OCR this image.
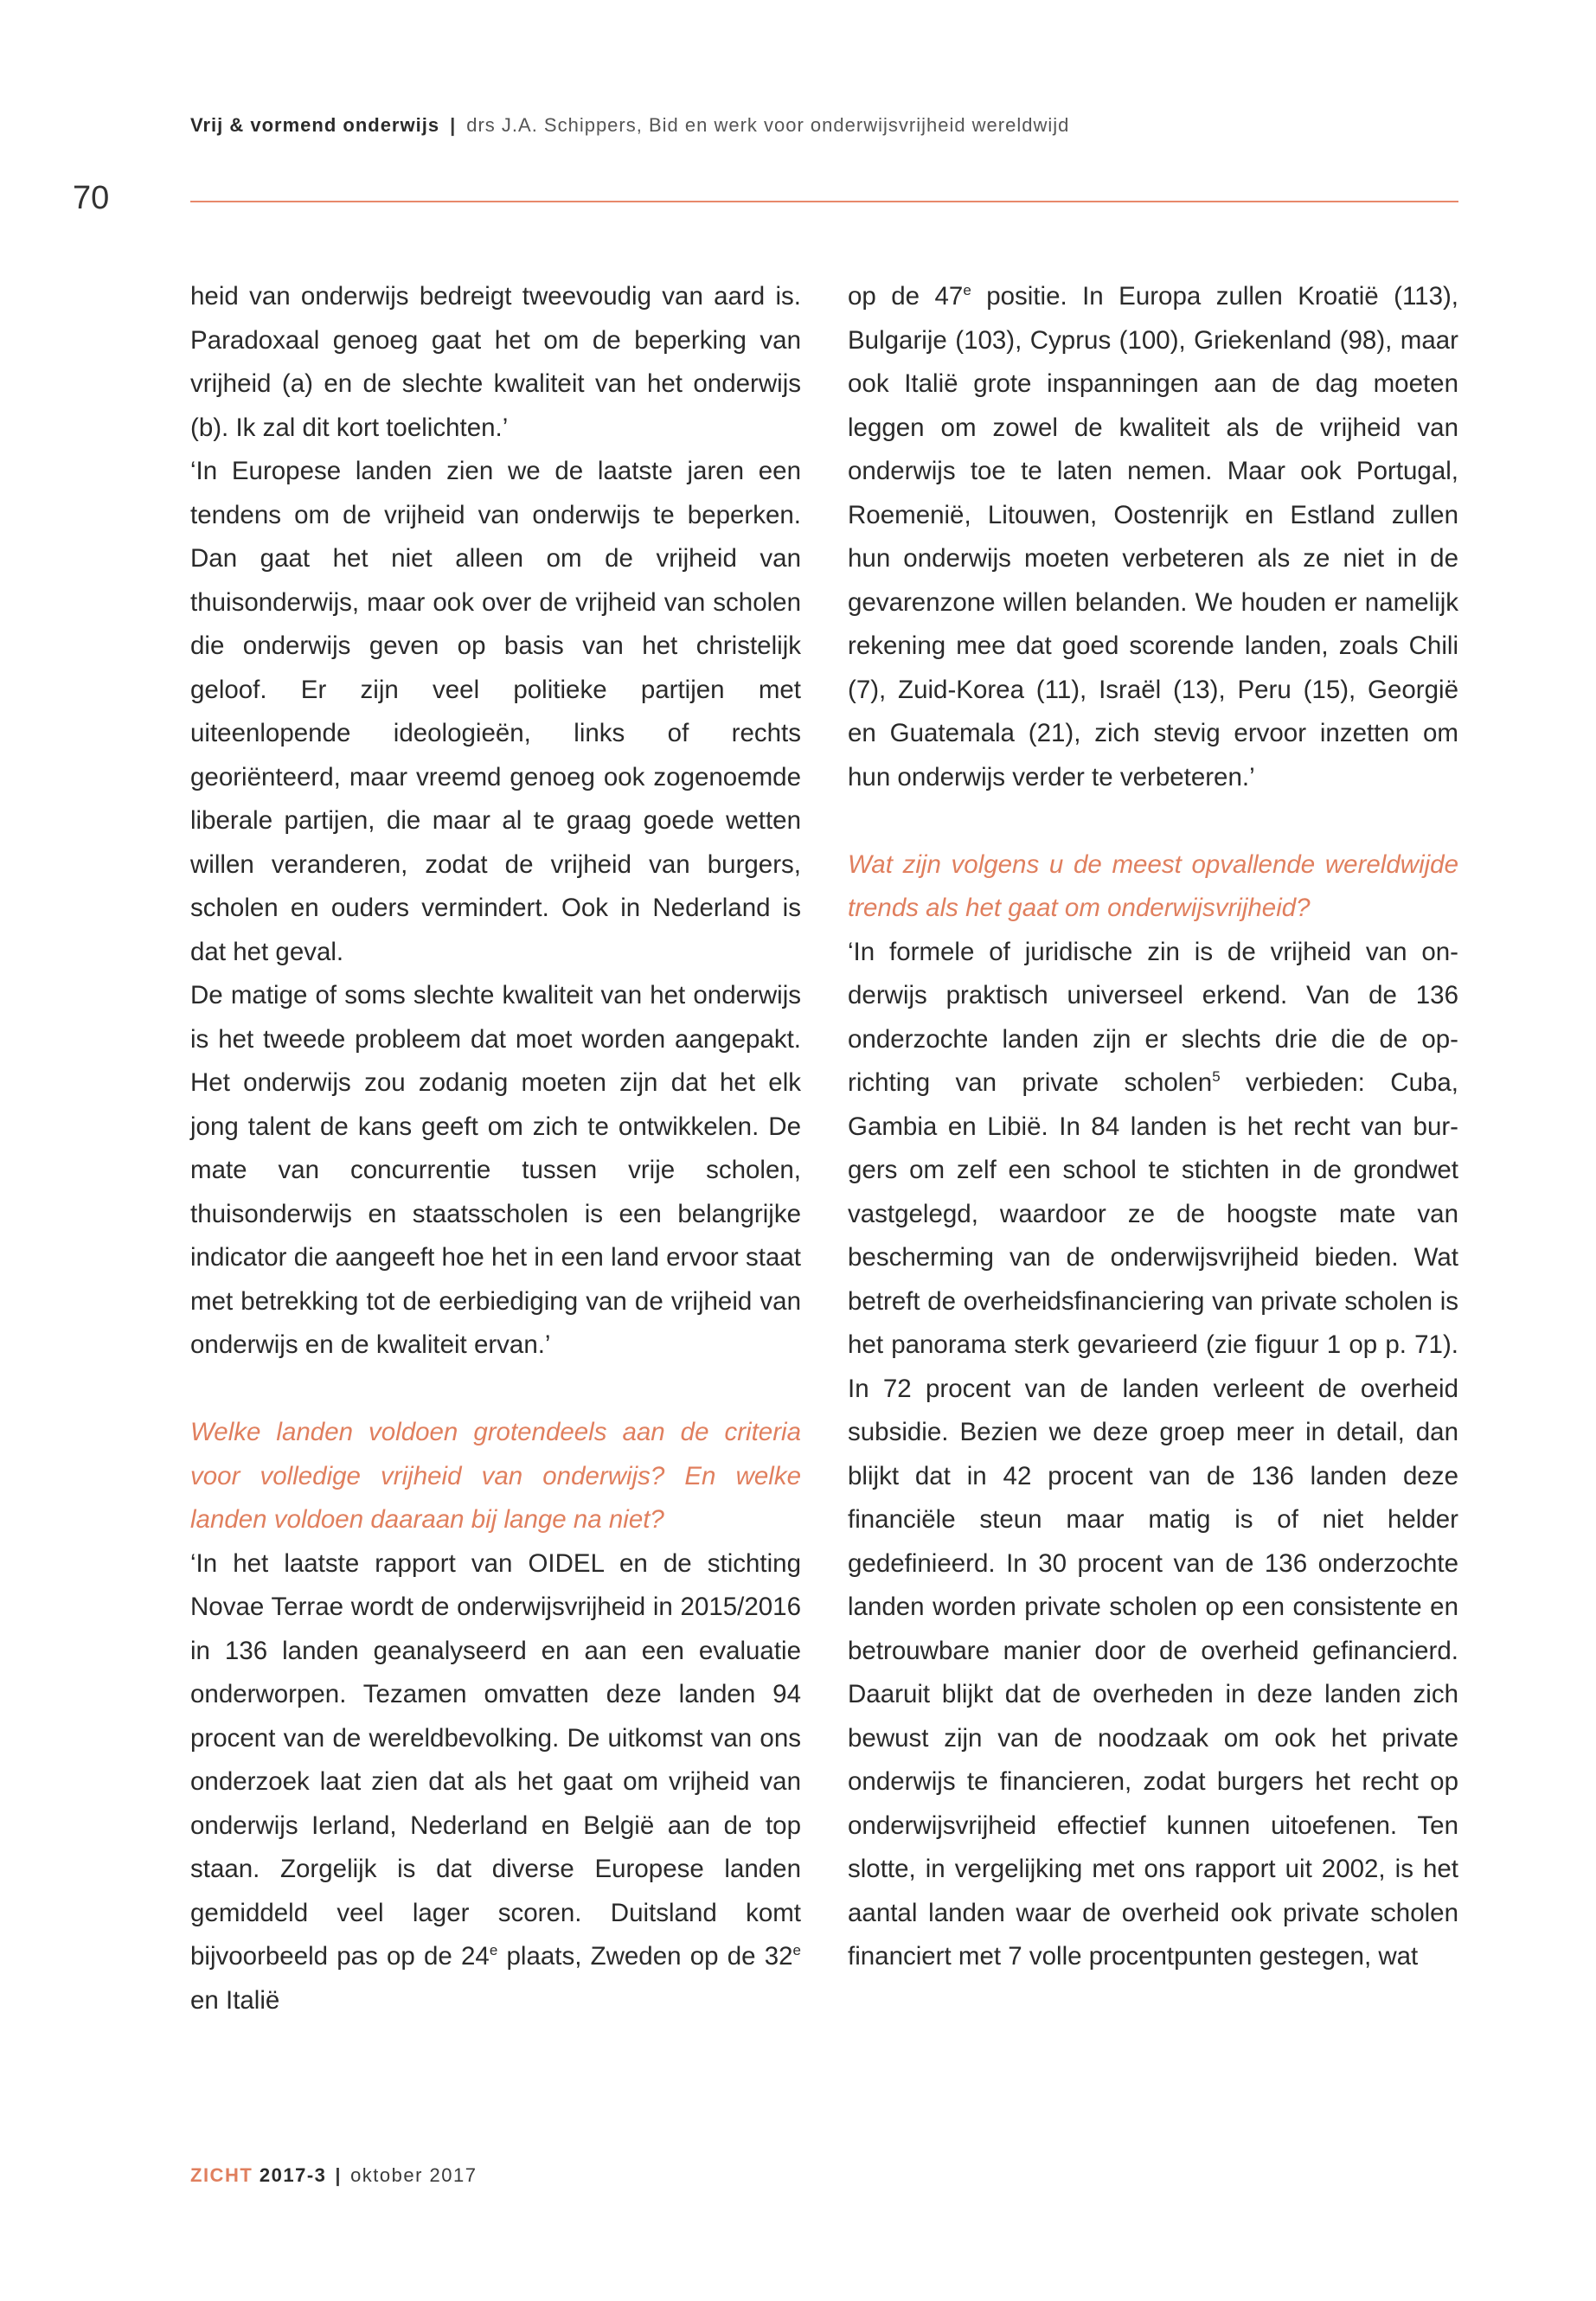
Vrij & vormend onderwijs | drs J.A. Schippers, Bid en werk voor onderwijsvrijheid wereldwijd
70

heid van onderwijs bedreigt tweevoudig van aard is. Paradoxaal genoeg gaat het om de beperking van vrijheid (a) en de slechte kwaliteit van het onderwijs (b). Ik zal dit kort toelichten.’

‘In Europese landen zien we de laatste jaren een tendens om de vrijheid van onderwijs te beperken. Dan gaat het niet alleen om de vrijheid van thuisonderwijs, maar ook over de vrijheid van scholen die onderwijs geven op basis van het christelijk geloof. Er zijn veel politieke partijen met uiteenlopende ideologieën, links of rechts georiënteerd, maar vreemd genoeg ook zogenoemde liberale partijen, die maar al te graag goede wetten willen veranderen, zodat de vrijheid van burgers, scholen en ouders vermindert. Ook in Nederland is dat het geval.

De matige of soms slechte kwaliteit van het onderwijs is het tweede probleem dat moet worden aangepakt. Het onderwijs zou zodanig moeten zijn dat het elk jong talent de kans geeft om zich te ontwikkelen. De mate van concurrentie tussen vrije scholen, thuisonderwijs en staatsscholen is een belangrijke indicator die aangeeft hoe het in een land ervoor staat met betrekking tot de eerbiediging van de vrijheid van onderwijs en de kwaliteit ervan.’

Welke landen voldoen grotendeels aan de criteria voor volledige vrijheid van onderwijs? En welke landen voldoen daaraan bij lange na niet?

‘In het laatste rapport van OIDEL en de stichting Novae Terrae wordt de onderwijsvrijheid in 2015/2016 in 136 landen geanalyseerd en aan een evaluatie onderworpen. Tezamen omvatten deze landen 94 procent van de wereldbevolking. De uitkomst van ons onderzoek laat zien dat als het gaat om vrijheid van onderwijs Ierland, Nederland en België aan de top staan. Zorgelijk is dat diverse Europese landen gemiddeld veel lager scoren. Duitsland komt bijvoorbeeld pas op de 24e plaats, Zweden op de 32e en Italië

op de 47e positie. In Europa zullen Kroatië (113), Bulgarije (103), Cyprus (100), Griekenland (98), maar ook Italië grote inspanningen aan de dag moeten leggen om zowel de kwaliteit als de vrijheid van onderwijs toe te laten nemen. Maar ook Portugal, Roemenië, Litouwen, Oostenrijk en Estland zullen hun onderwijs moeten verbeteren als ze niet in de gevarenzone willen belanden. We houden er namelijk rekening mee dat goed scorende landen, zoals Chili (7), Zuid-Korea (11), Israël (13), Peru (15), Georgië en Guatemala (21), zich stevig ervoor inzetten om hun onderwijs verder te verbeteren.’

Wat zijn volgens u de meest opvallende wereldwijde trends als het gaat om onderwijsvrijheid?

‘In formele of juridische zin is de vrijheid van onderwijs praktisch universeel erkend. Van de 136 onderzochte landen zijn er slechts drie die de oprichting van private scholen$^5$ verbieden: Cuba, Gambia en Libië. In 84 landen is het recht van burgers om zelf een school te stichten in de grondwet vastgelegd, waardoor ze de hoogste mate van bescherming van de onderwijsvrijheid bieden. Wat betreft de overheidsfinanciering van private scholen is het panorama sterk gevarieerd (zie figuur 1 op p. 71). In 72 procent van de landen verleent de overheid subsidie. Bezien we deze groep meer in detail, dan blijkt dat in 42 procent van de 136 landen deze financiële steun maar matig is of niet helder gedefinieerd. In 30 procent van de 136 onderzochte landen worden private scholen op een consistente en betrouwbare manier door de overheid gefinancierd. Daaruit blijkt dat de overheden in deze landen zich bewust zijn van de noodzaak om ook het private onderwijs te financieren, zodat burgers het recht op onderwijsvrijheid effectief kunnen uitoefenen. Ten slotte, in vergelijking met ons rapport uit 2002, is het aantal landen waar de overheid ook private scholen financiert met 7 volle procentpunten gestegen, wat

ZICHT 2017-3 | oktober 2017
